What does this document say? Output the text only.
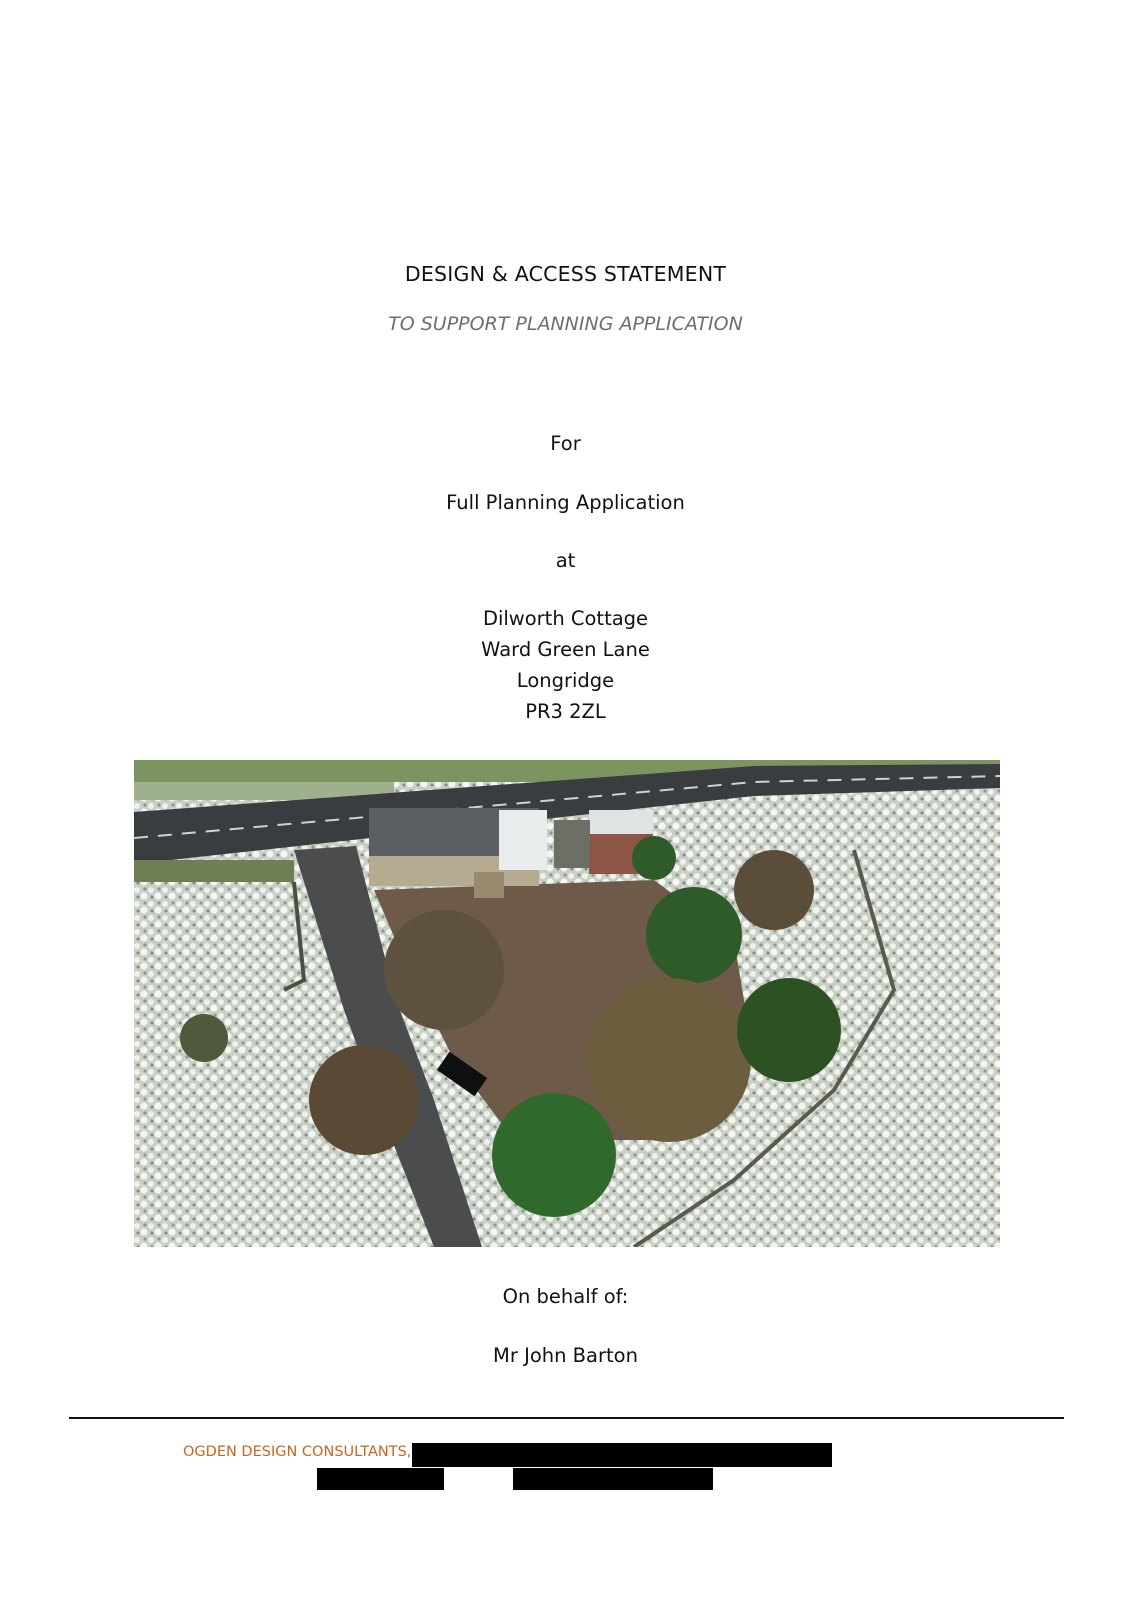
DESIGN & ACCESS STATEMENT
TO SUPPORT PLANNING APPLICATION
For
Full Planning Application
at
Dilworth Cottage
Ward Green Lane
Longridge
PR3 2ZL
On behalf of:
Mr John Barton
OGDEN DESIGN CONSULTANTS,
